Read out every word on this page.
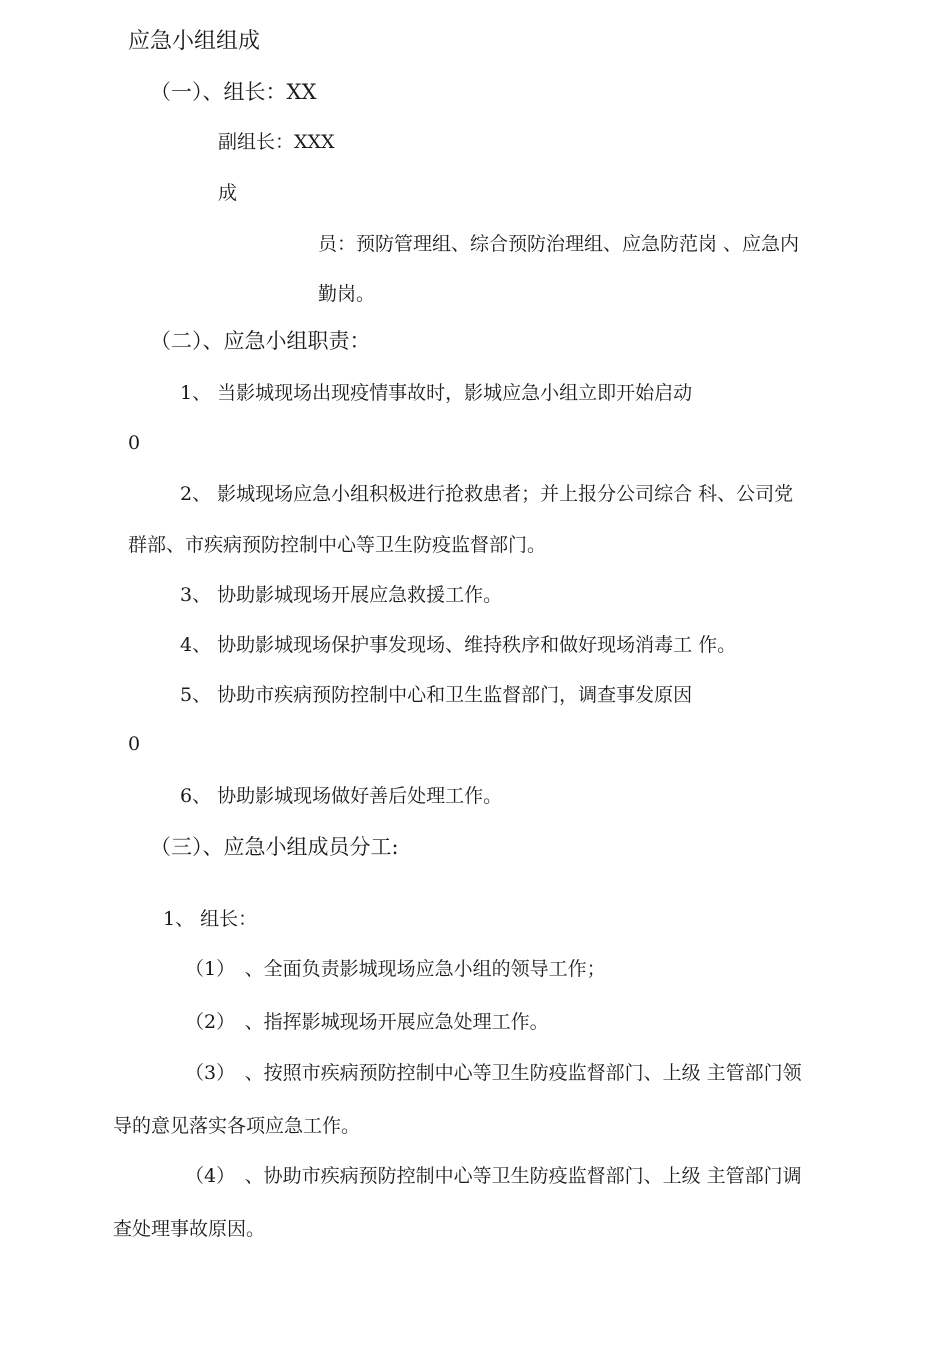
应急小组组成
（一）、组长：XX
副组长：XXX
成
员：预防管理组、综合预防治理组、应急防范岗 、应急内
勤岗。
（二）、应急小组职责：
1、 当影城现场出现疫情事故时，影城应急小组立即开始启动
0
2、 影城现场应急小组积极进行抢救患者；并上报分公司综合 科、公司党
群部、市疾病预防控制中心等卫生防疫监督部门。
3、 协助影城现场开展应急救援工作。
4、 协助影城现场保护事发现场、维持秩序和做好现场消毒工 作。
5、 协助市疾病预防控制中心和卫生监督部门，调查事发原因
0
6、 协助影城现场做好善后处理工作。
（三）、应急小组成员分工:
1、 组长：
（1）　、全面负责影城现场应急小组的领导工作；
（2）　、指挥影城现场开展应急处理工作。
（3）　、按照市疾病预防控制中心等卫生防疫监督部门、上级 主管部门领
导的意见落实各项应急工作。
（4）　、协助市疾病预防控制中心等卫生防疫监督部门、上级 主管部门调
查处理事故原因。
